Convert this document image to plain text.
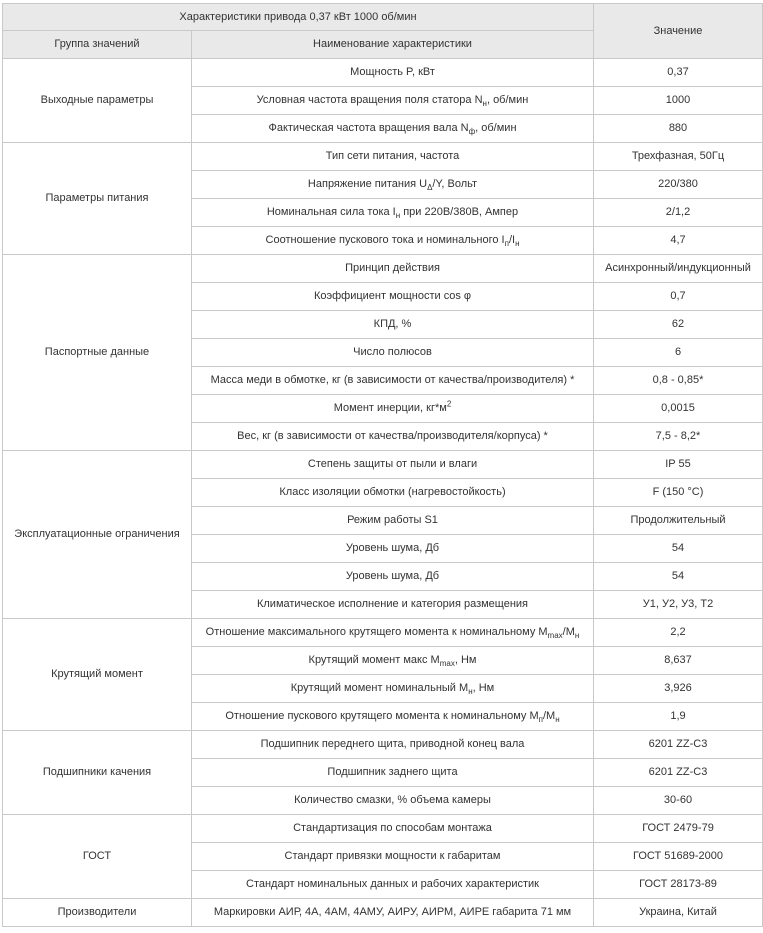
Характеристики привода 0,37 кВт 1000 об/мин		Значение
Группа значений	Наименование характеристики	
Выходные параметры	Мощность P, кВт	0,37
	Условная частота вращения поля статора $N_н$, об/мин	1000
	Фактическая частота вращения вала $N_ф$, об/мин	880
Параметры питания	Тип сети питания, частота	Трехфазная, 50Гц
	Напряжение питания $U_\Delta/Y$, Вольт	220/380
	Номинальная сила тока $I_н$ при 220В/380В, Ампер	2/1,2
	Соотношение пускового тока и номинального $I_п/I_н$	4,7
Паспортные данные	Принцип действия	Асинхронный/индукционный
	Коэффициент мощности cos φ	0,7
	КПД, %	62
	Число полюсов	6
	Масса меди в обмотке, кг (в зависимости от качества/производителя) *	0,8 - 0,85*
	Момент инерции, $кг*м^2$	0,0015
	Вес, кг (в зависимости от качества/производителя/корпуса) *	7,5 - 8,2*
Эксплуатационные ограничения	Степень защиты от пыли и влаги	IP 55
	Класс изоляции обмотки (нагревостойкость)	F (150 °C)
	Режим работы S1	Продолжительный
	Уровень шума, Дб	54
	Уровень шума, Дб	54
	Климатическое исполнение и категория размещения	У1, У2, У3, Т2
Крутящий момент	Отношение максимального крутящего момента к номинальному $M_{max}/M_н$	2,2
	Крутящий момент макс $M_{max}$, Нм	8,637
	Крутящий момент номинальный $M_н$, Нм	3,926
	Отношение пускового крутящего момента к номинальному $M_п/M_н$	1,9
Подшипники качения	Подшипник переднего щита, приводной конец вала	6201 ZZ-C3
	Подшипник заднего щита	6201 ZZ-C3
	Количество смазки, % объема камеры	30-60
ГОСТ	Стандартизация по способам монтажа	ГОСТ 2479-79
	Стандарт привязки мощности к габаритам	ГОСТ 51689-2000
	Стандарт номинальных данных и рабочих характеристик	ГОСТ 28173-89
Производители	Маркировки АИР, 4А, 4АМ, 4АМУ, АИРУ, АИРМ, АИРЕ габарита 71 мм	Украина, Китай
